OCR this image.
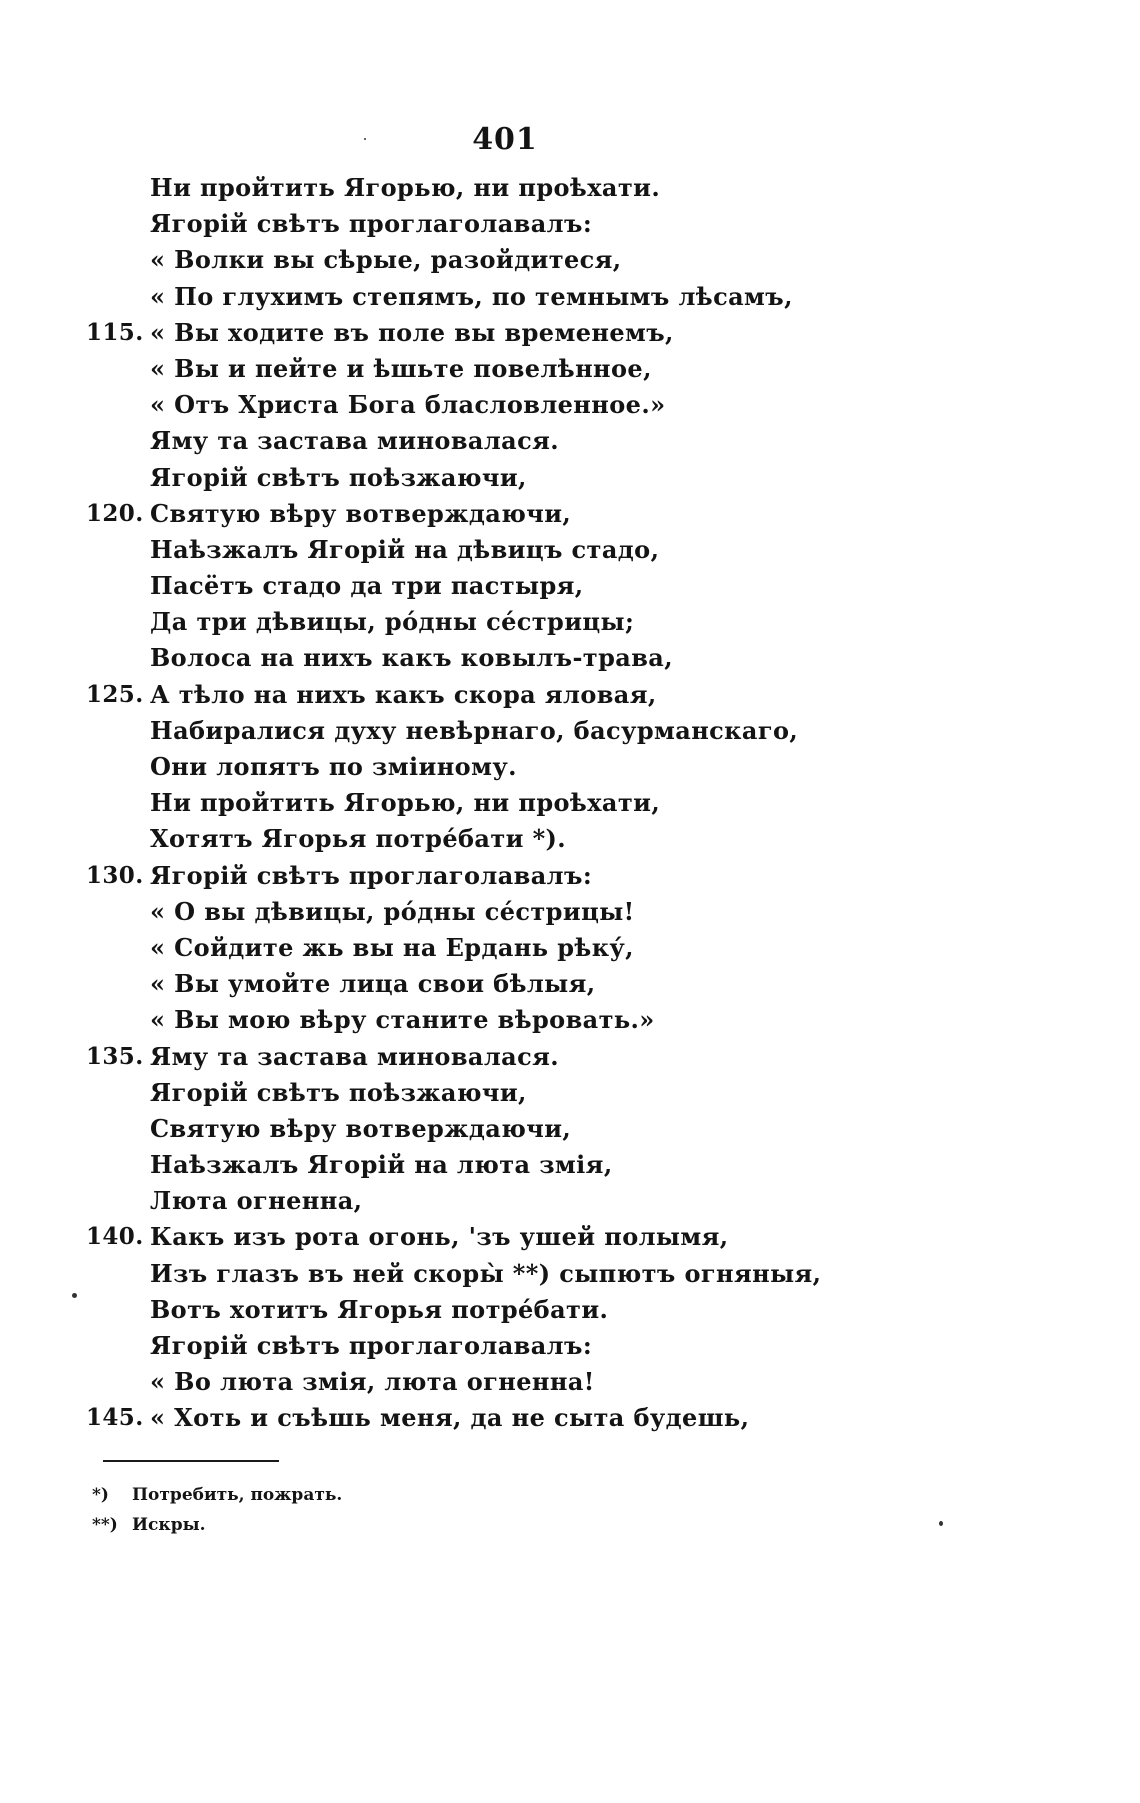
401
Ни пройтить Ягорью, ни проѣхати.
Ягорій свѣтъ проглаголавалъ:
« Волки вы сѣрые, разойдитеся,
« По глухимъ степямъ, по темнымъ лѣсамъ,
115. « Вы ходите въ поле вы временемъ,
« Вы и пейте и ѣшьте повелѣнное,
« Отъ Христа Бога бласловленное.»
Яму та застава миновалася.
Ягорій свѣтъ поѣзжаючи,
120. Святую вѣру вотверждаючи,
Наѣзжалъ Ягорій на дѣвицъ стадо,
Пасётъ стадо да три пастыря,
Да три дѣвицы, ро́дны се́стрицы;
Волоса на нихъ какъ ковылъ-трава,
125. А тѣло на нихъ какъ скора яловая,
Набиралися духу невѣрнаго, басурманскаго,
Они лопятъ по змiиному.
Ни пройтить Ягорью, ни проѣхати,
Хотятъ Ягорья потре́бати *).
130. Ягорій свѣтъ проглаголавалъ:
« О вы дѣвицы, ро́дны се́стрицы!
« Сойдите жь вы на Ердань рѣку́,
« Вы умойте лица свои бѣлыя,
« Вы мою вѣру станите вѣровать.»
135. Яму та застава миновалася.
Ягорій свѣтъ поѣзжаючи,
Святую вѣру вотверждаючи,
Наѣзжалъ Ягорій на люта змiя,
Люта огненна,
140. Какъ изъ рота огонь, 'зъ ушей полымя,
Изъ глазъ въ ней скоры̀ **) сыпютъ огняныя,
Вотъ хотитъ Ягорья потре́бати.
Ягорій свѣтъ проглаголавалъ:
« Во люта змiя, люта огненна!
145. « Хоть и съѣшь меня, да не сыта будешь,
*) Потребить, пожрать.
**) Искры.
